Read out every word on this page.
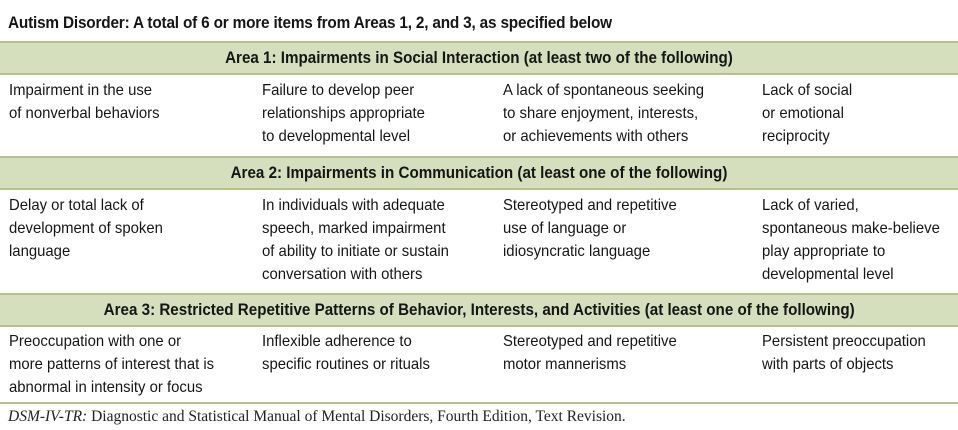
Autism Disorder: A total of 6 or more items from Areas 1, 2, and 3, as specified below
Area 1: Impairments in Social Interaction (at least two of the following)
Impairment in the use
of nonverbal behaviors
Failure to develop peer
relationships appropriate
to developmental level
A lack of spontaneous seeking
to share enjoyment, interests,
or achievements with others
Lack of social
or emotional
reciprocity
Area 2: Impairments in Communication (at least one of the following)
Delay or total lack of
development of spoken
language
In individuals with adequate
speech, marked impairment
of ability to initiate or sustain
conversation with others
Stereotyped and repetitive
use of language or
idiosyncratic language
Lack of varied,
spontaneous make-believe
play appropriate to
developmental level
Area 3: Restricted Repetitive Patterns of Behavior, Interests, and Activities (at least one of the following)
Preoccupation with one or
more patterns of interest that is
abnormal in intensity or focus
Inflexible adherence to
specific routines or rituals
Stereotyped and repetitive
motor mannerisms
Persistent preoccupation
with parts of objects
DSM-IV-TR: Diagnostic and Statistical Manual of Mental Disorders, Fourth Edition, Text Revision.
